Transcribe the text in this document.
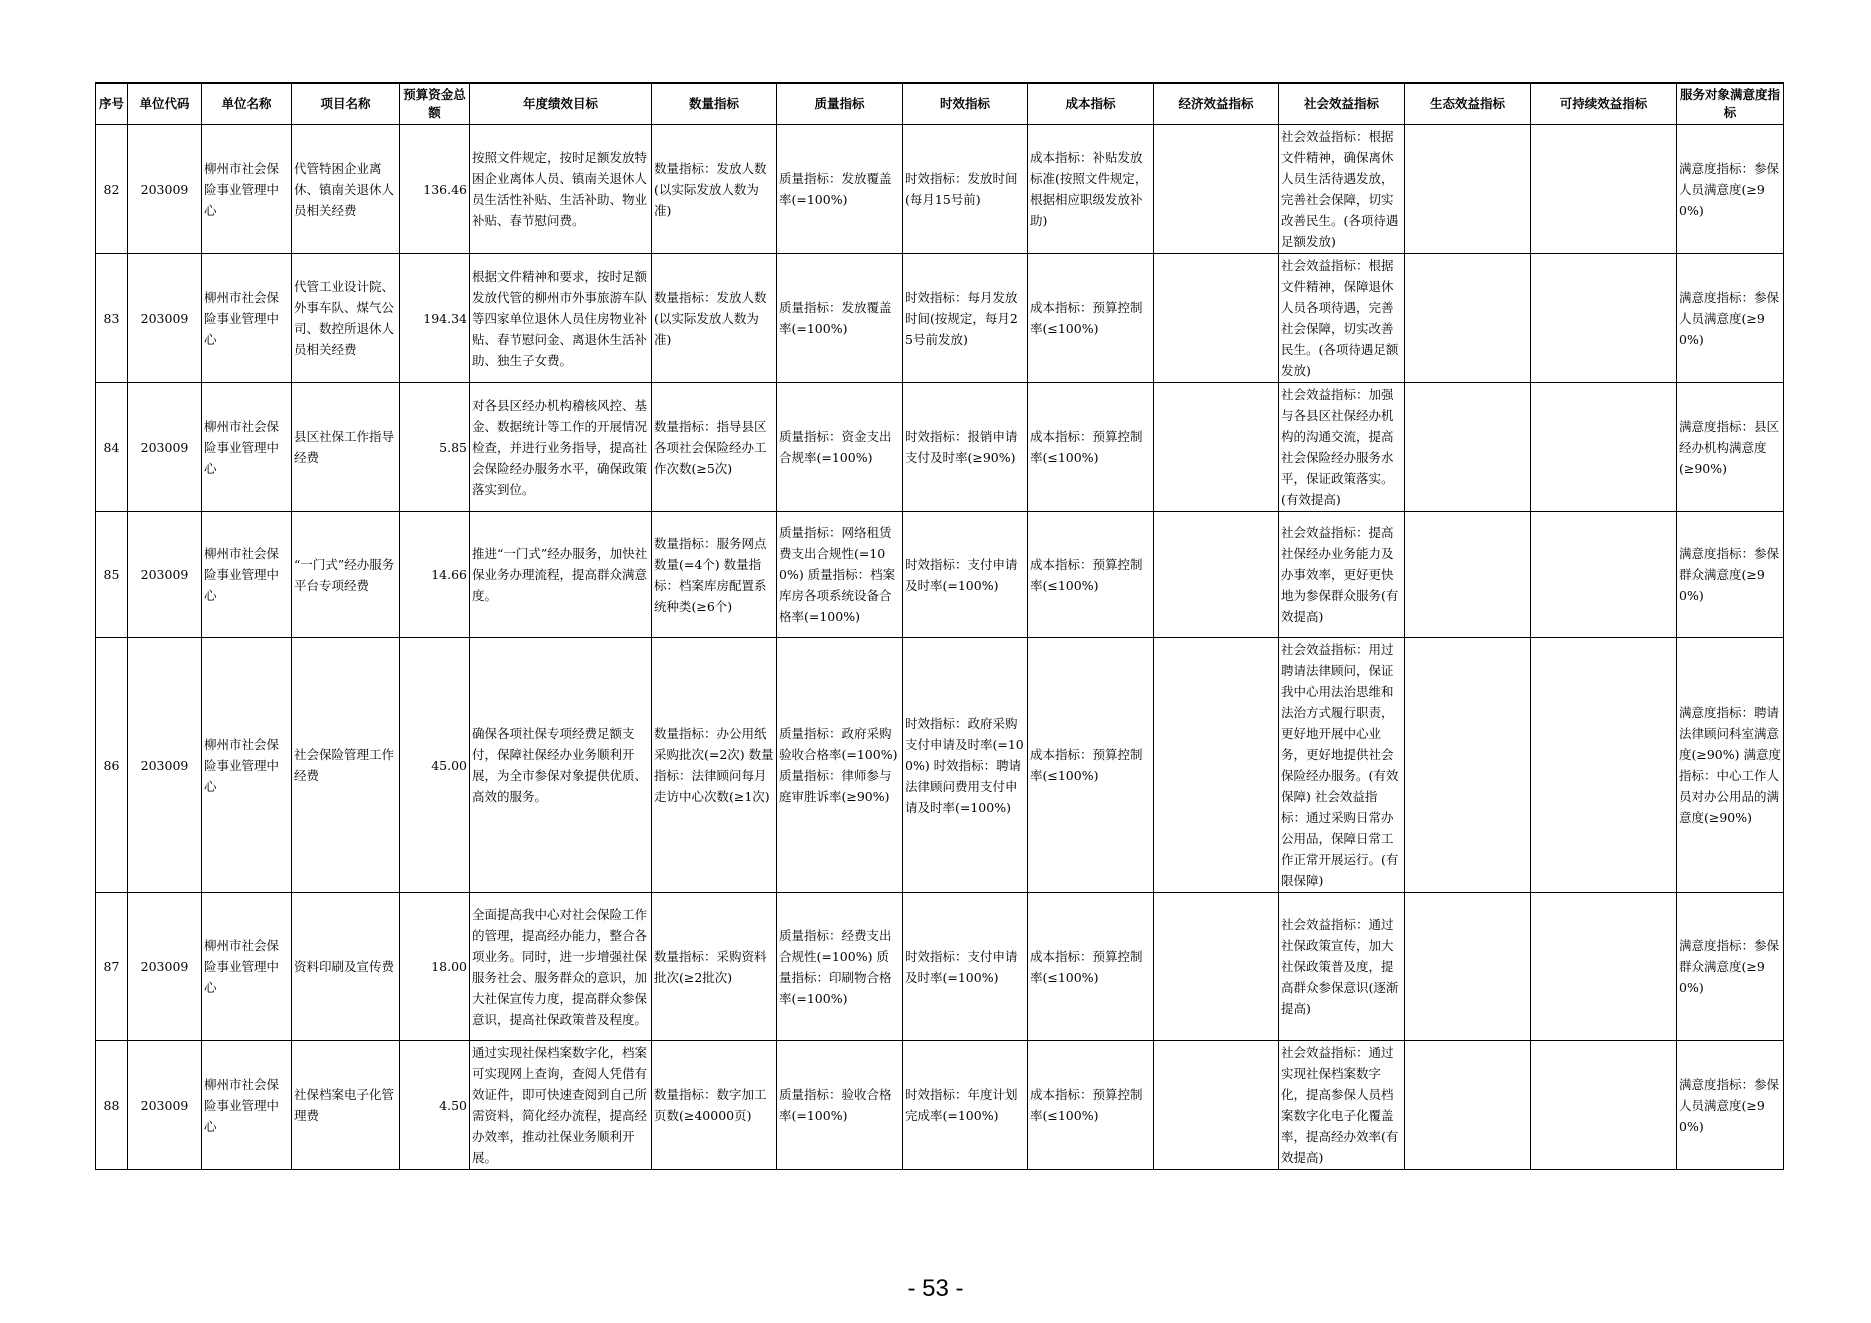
序号	单位代码	单位名称	项目名称	预算资金总额	年度绩效目标	数量指标	质量指标	时效指标	成本指标	经济效益指标	社会效益指标	生态效益指标	可持续效益指标	服务对象满意度指标
82	203009	柳州市社会保险事业管理中心	代管特困企业离休、镇南关退休人员相关经费	136.46	按照文件规定，按时足额发放特困企业离体人员、镇南关退休人员生活性补贴、生活补助、物业补贴、春节慰问费。	数量指标：发放人数(以实际发放人数为准)	质量指标：发放覆盖率(=100%)	时效指标：发放时间(每月15号前)	成本指标：补贴发放标准(按照文件规定，根据相应职级发放补助)		社会效益指标：根据文件精神，确保离休人员生活待遇发放，完善社会保障，切实改善民生。(各项待遇足额发放)			满意度指标：参保人员满意度(≥90%)
83	203009	柳州市社会保险事业管理中心	代管工业设计院、外事车队、煤气公司、数控所退休人员相关经费	194.34	根据文件精神和要求，按时足额发放代管的柳州市外事旅游车队等四家单位退休人员住房物业补贴、春节慰问金、离退休生活补助、独生子女费。	数量指标：发放人数(以实际发放人数为准)	质量指标：发放覆盖率(=100%)	时效指标：每月发放时间(按规定，每月25号前发放)	成本指标：预算控制率(≤100%)		社会效益指标：根据文件精神，保障退休人员各项待遇，完善社会保障，切实改善民生。(各项待遇足额发放)			满意度指标：参保人员满意度(≥90%)
84	203009	柳州市社会保险事业管理中心	县区社保工作指导经费	5.85	对各县区经办机构稽核风控、基金、数据统计等工作的开展情况检查，并进行业务指导，提高社会保险经办服务水平，确保政策落实到位。	数量指标：指导县区各项社会保险经办工作次数(≥5次)	质量指标：资金支出合规率(=100%)	时效指标：报销申请支付及时率(≥90%)	成本指标：预算控制率(≤100%)		社会效益指标：加强与各县区社保经办机构的沟通交流，提高社会保险经办服务水平，保证政策落实。(有效提高)			满意度指标：县区经办机构满意度(≥90%)
85	203009	柳州市社会保险事业管理中心	“一门式”经办服务平台专项经费	14.66	推进“一门式”经办服务，加快社保业务办理流程，提高群众满意度。	数量指标：服务网点数量(=4个) 数量指标：档案库房配置系统种类(≥6个)	质量指标：网络租赁费支出合规性(=100%) 质量指标：档案库房各项系统设备合格率(=100%)	时效指标：支付申请及时率(=100%)	成本指标：预算控制率(≤100%)		社会效益指标：提高社保经办业务能力及办事效率，更好更快地为参保群众服务(有效提高)			满意度指标：参保群众满意度(≥90%)
86	203009	柳州市社会保险事业管理中心	社会保险管理工作经费	45.00	确保各项社保专项经费足额支付，保障社保经办业务顺利开展，为全市参保对象提供优质、高效的服务。	数量指标：办公用纸采购批次(=2次) 数量指标：法律顾问每月走访中心次数(≥1次)	质量指标：政府采购验收合格率(=100%) 质量指标：律师参与庭审胜诉率(≥90%)	时效指标：政府采购支付申请及时率(=100%) 时效指标：聘请法律顾问费用支付申请及时率(=100%)	成本指标：预算控制率(≤100%)		社会效益指标：用过聘请法律顾问，保证我中心用法治思维和法治方式履行职责，更好地开展中心业务，更好地提供社会保险经办服务。(有效保障) 社会效益指标：通过采购日常办公用品，保障日常工作正常开展运行。(有限保障)			满意度指标：聘请法律顾问科室满意度(≥90%) 满意度指标：中心工作人员对办公用品的满意度(≥90%)
87	203009	柳州市社会保险事业管理中心	资料印刷及宣传费	18.00	全面提高我中心对社会保险工作的管理，提高经办能力，整合各项业务。同时，进一步增强社保服务社会、服务群众的意识，加大社保宣传力度，提高群众参保意识，提高社保政策普及程度。	数量指标：采购资料批次(≥2批次)	质量指标：经费支出合规性(=100%) 质量指标：印刷物合格率(=100%)	时效指标：支付申请及时率(=100%)	成本指标：预算控制率(≤100%)		社会效益指标：通过社保政策宣传，加大社保政策普及度，提高群众参保意识(逐渐提高)			满意度指标：参保群众满意度(≥90%)
88	203009	柳州市社会保险事业管理中心	社保档案电子化管理费	4.50	通过实现社保档案数字化，档案可实现网上查询，查阅人凭借有效证件，即可快速查阅到自己所需资料，简化经办流程，提高经办效率，推动社保业务顺利开展。	数量指标：数字加工页数(≥40000页)	质量指标：验收合格率(=100%)	时效指标：年度计划完成率(=100%)	成本指标：预算控制率(≤100%)		社会效益指标：通过实现社保档案数字化，提高参保人员档案数字化电子化覆盖率，提高经办效率(有效提高)			满意度指标：参保人员满意度(≥90%)
- 53 -
